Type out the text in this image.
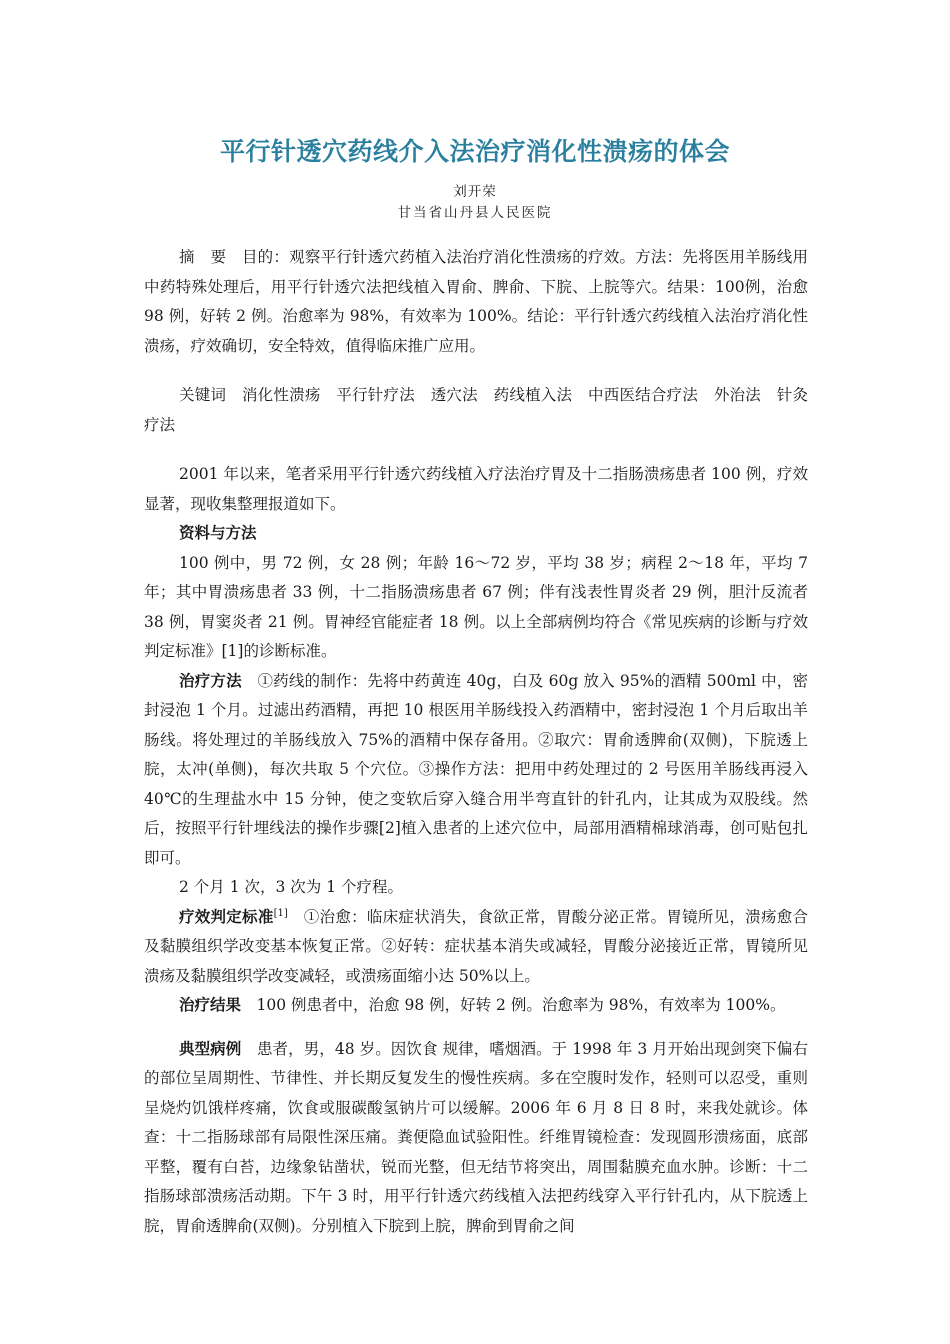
平行针透穴药线介入法治疗消化性溃疡的体会
刘开荣
甘当省山丹县人民医院

摘　要　 目的：观察平行针透穴药植入法治疗消化性溃疡的疗效。方法：先将医用羊肠线用中药特殊处理后，用平行针透穴法把线植入胃俞、脾俞、下脘、上脘等穴。结果：100例，治愈 98 例，好转 2 例。治愈率为 98%，有效率为 100%。结论：平行针透穴药线植入法治疗消化性溃疡，疗效确切，安全特效，值得临床推广应用。

关键词　 消化性溃疡　平行针疗法　透穴法　药线植入法　中西医结合疗法　外治法　针灸疗法

2001 年以来，笔者采用平行针透穴药线植入疗法治疗胃及十二指肠溃疡患者 100 例，疗效显著，现收集整理报道如下。

资料与方法

100 例中，男 72 例，女 28 例；年龄 16～72 岁，平均 38 岁；病程 2～18 年，平均 7 年；其中胃溃疡患者 33 例，十二指肠溃疡患者 67 例；伴有浅表性胃炎者 29 例，胆汁反流者 38 例，胃窦炎者 21 例。胃神经官能症者 18 例。以上全部病例均符合《常见疾病的诊断与疗效判定标准》[1]的诊断标准。

治疗方法　 ①药线的制作：先将中药黄连 40g，白及 60g 放入 95%的酒精 500ml 中，密封浸泡 1 个月。过滤出药酒精，再把 10 根医用羊肠线投入药酒精中，密封浸泡 1 个月后取出羊肠线。将处理过的羊肠线放入 75%的酒精中保存备用。②取穴：胃俞透脾俞(双侧)，下脘透上脘，太冲(单侧)，每次共取 5 个穴位。③操作方法：把用中药处理过的 2 号医用羊肠线再浸入 40℃的生理盐水中 15 分钟，使之变软后穿入缝合用半弯直针的针孔内，让其成为双股线。然后，按照平行针埋线法的操作步骤[2]植入患者的上述穴位中，局部用酒精棉球消毒，创可贴包扎即可。

2 个月 1 次，3 次为 1 个疗程。

疗效判定标准[1]　 ①治愈：临床症状消失，食欲正常，胃酸分泌正常。胃镜所见，溃疡愈合及黏膜组织学改变基本恢复正常。②好转：症状基本消失或减轻，胃酸分泌接近正常，胃镜所见溃疡及黏膜组织学改变减轻，或溃疡面缩小达 50%以上。

治疗结果　 100 例患者中，治愈 98 例，好转 2 例。治愈率为 98%，有效率为 100%。

典型病例　 患者，男，48 岁。因饮食 规律，嗜烟酒。于 1998 年 3 月开始出现剑突下偏右的部位呈周期性、节律性、并长期反复发生的慢性疾病。多在空腹时发作，轻则可以忍受，重则呈烧灼饥饿样疼痛，饮食或服碳酸氢钠片可以缓解。2006 年 6 月 8 日 8 时，来我处就诊。体查：十二指肠球部有局限性深压痛。粪便隐血试验阳性。纤维胃镜检查：发现圆形溃疡面，底部平整，覆有白苔，边缘象钻凿状，锐而光整，但无结节将突出，周围黏膜充血水肿。诊断：十二指肠球部溃疡活动期。下午 3 时，用平行针透穴药线植入法把药线穿入平行针孔内，从下脘透上脘，胃俞透脾俞(双侧)。分别植入下脘到上脘，脾俞到胃俞之间
